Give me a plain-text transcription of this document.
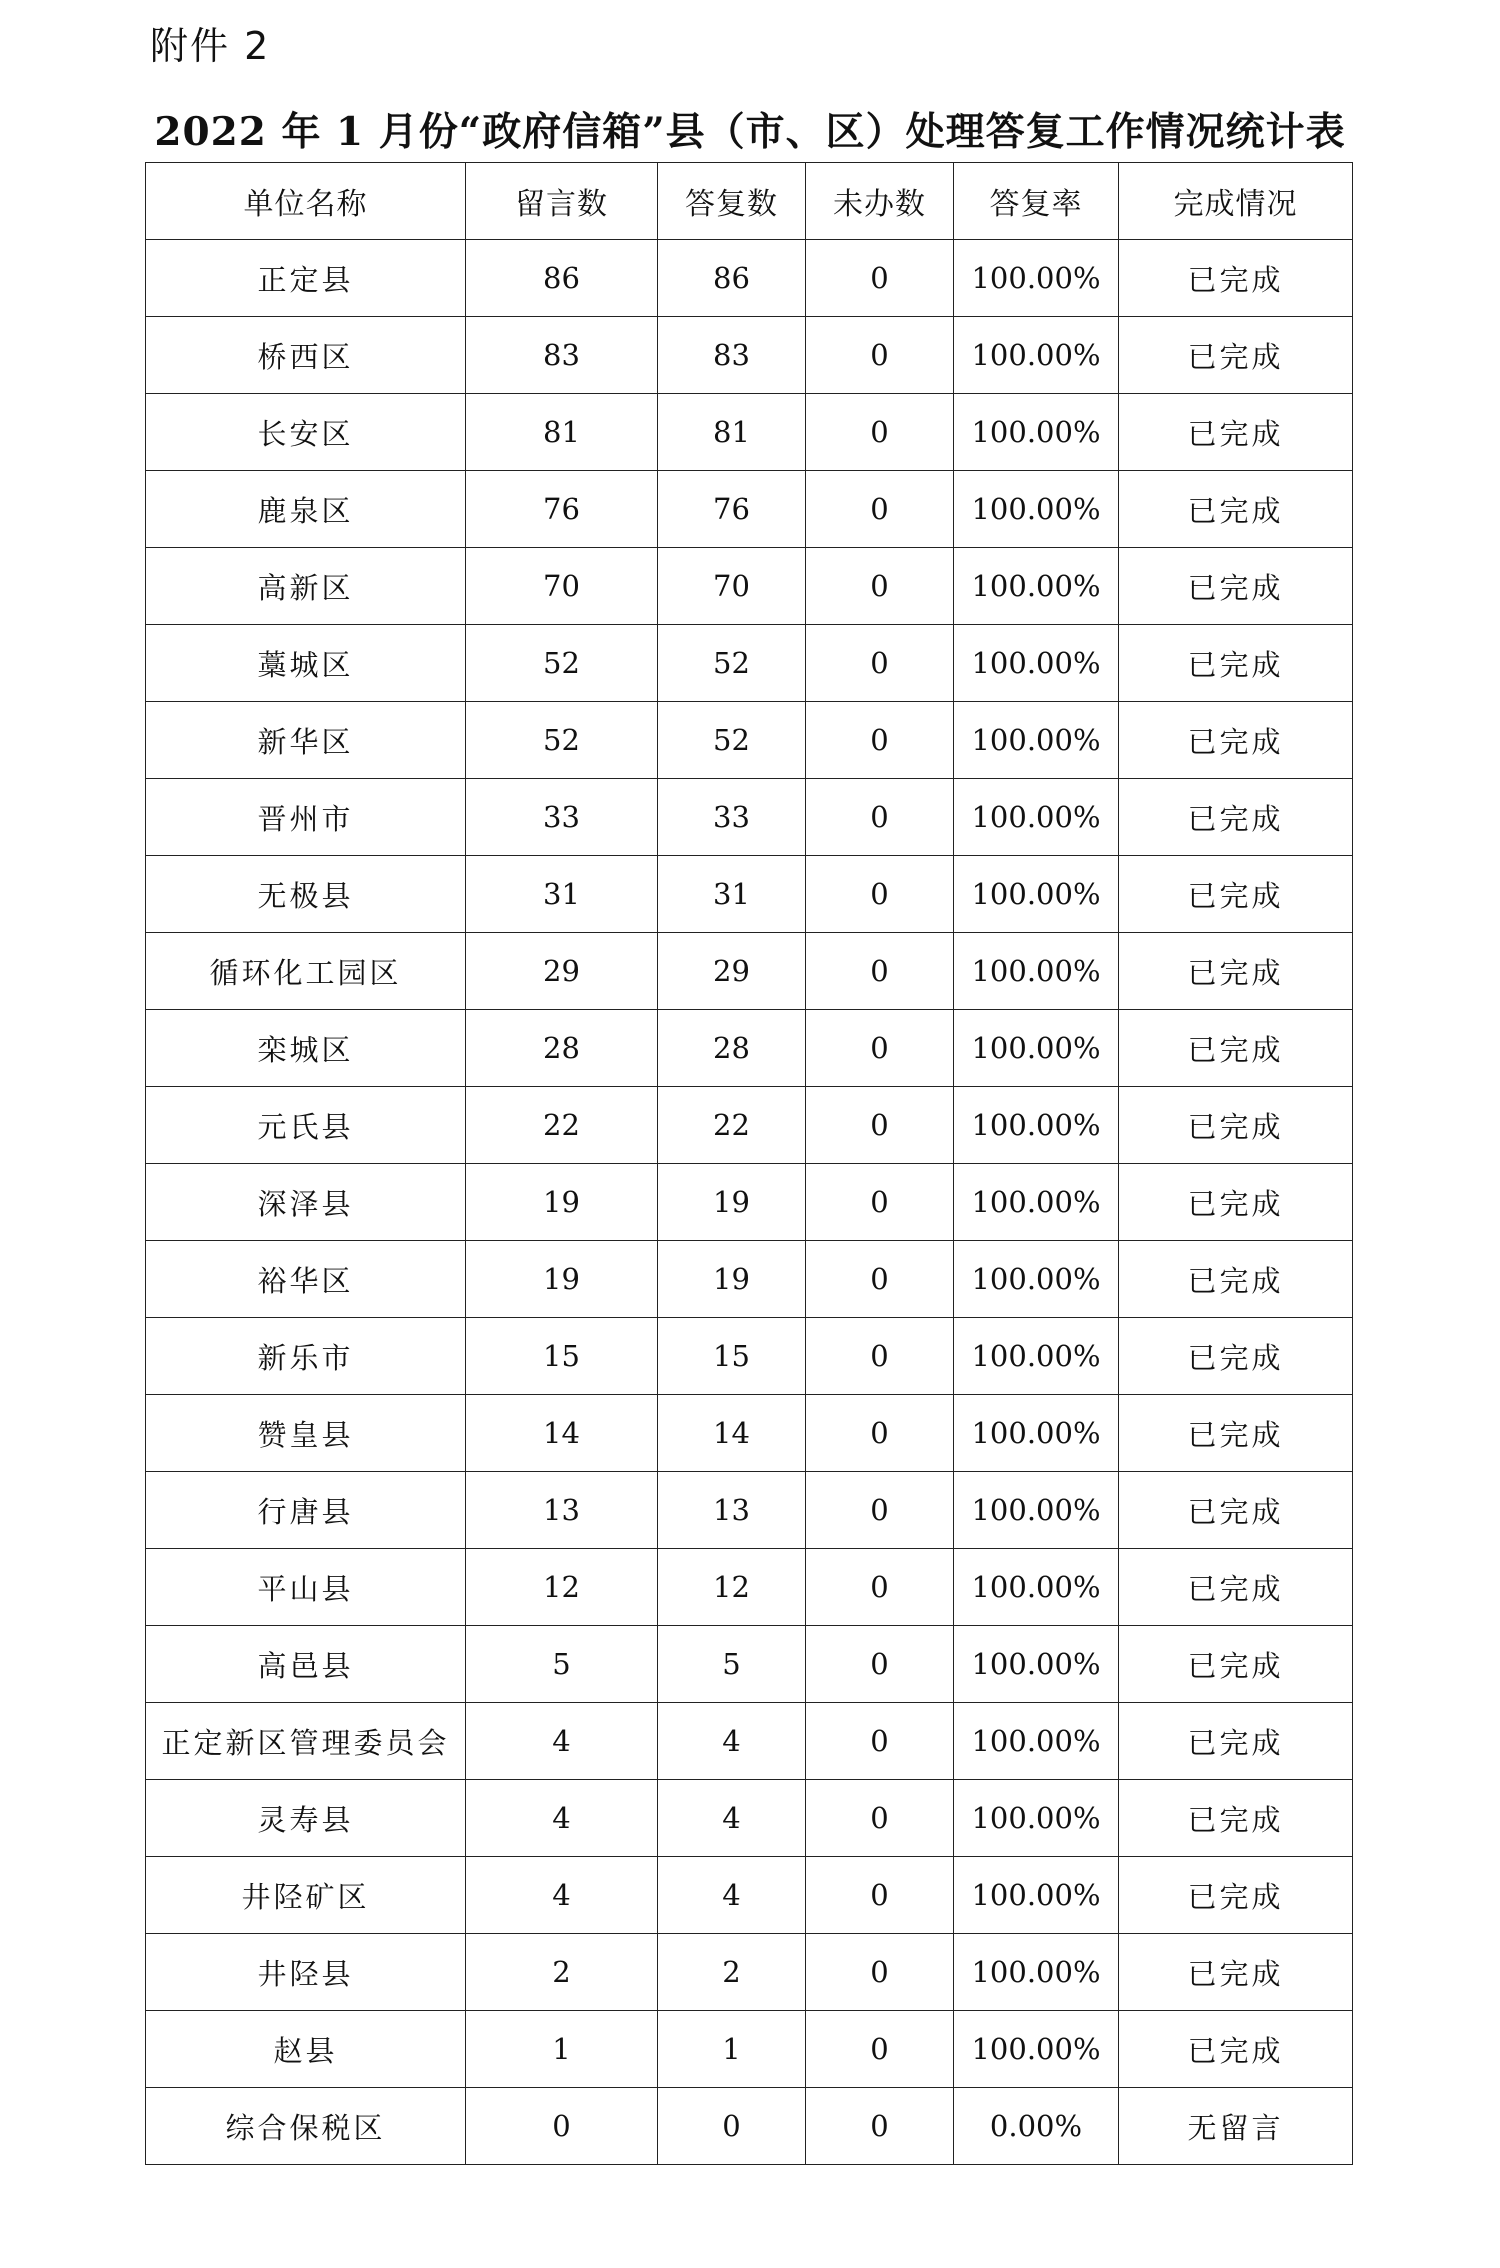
附件 2
2022 年 1 月份“政府信箱”县（市、区）处理答复工作情况统计表
单位名称	留言数	答复数	未办数	答复率	完成情况
正定县	86	86	0	100.00%	已完成
桥西区	83	83	0	100.00%	已完成
长安区	81	81	0	100.00%	已完成
鹿泉区	76	76	0	100.00%	已完成
高新区	70	70	0	100.00%	已完成
藁城区	52	52	0	100.00%	已完成
新华区	52	52	0	100.00%	已完成
晋州市	33	33	0	100.00%	已完成
无极县	31	31	0	100.00%	已完成
循环化工园区	29	29	0	100.00%	已完成
栾城区	28	28	0	100.00%	已完成
元氏县	22	22	0	100.00%	已完成
深泽县	19	19	0	100.00%	已完成
裕华区	19	19	0	100.00%	已完成
新乐市	15	15	0	100.00%	已完成
赞皇县	14	14	0	100.00%	已完成
行唐县	13	13	0	100.00%	已完成
平山县	12	12	0	100.00%	已完成
高邑县	5	5	0	100.00%	已完成
正定新区管理委员会	4	4	0	100.00%	已完成
灵寿县	4	4	0	100.00%	已完成
井陉矿区	4	4	0	100.00%	已完成
井陉县	2	2	0	100.00%	已完成
赵县	1	1	0	100.00%	已完成
综合保税区	0	0	0	0.00%	无留言
